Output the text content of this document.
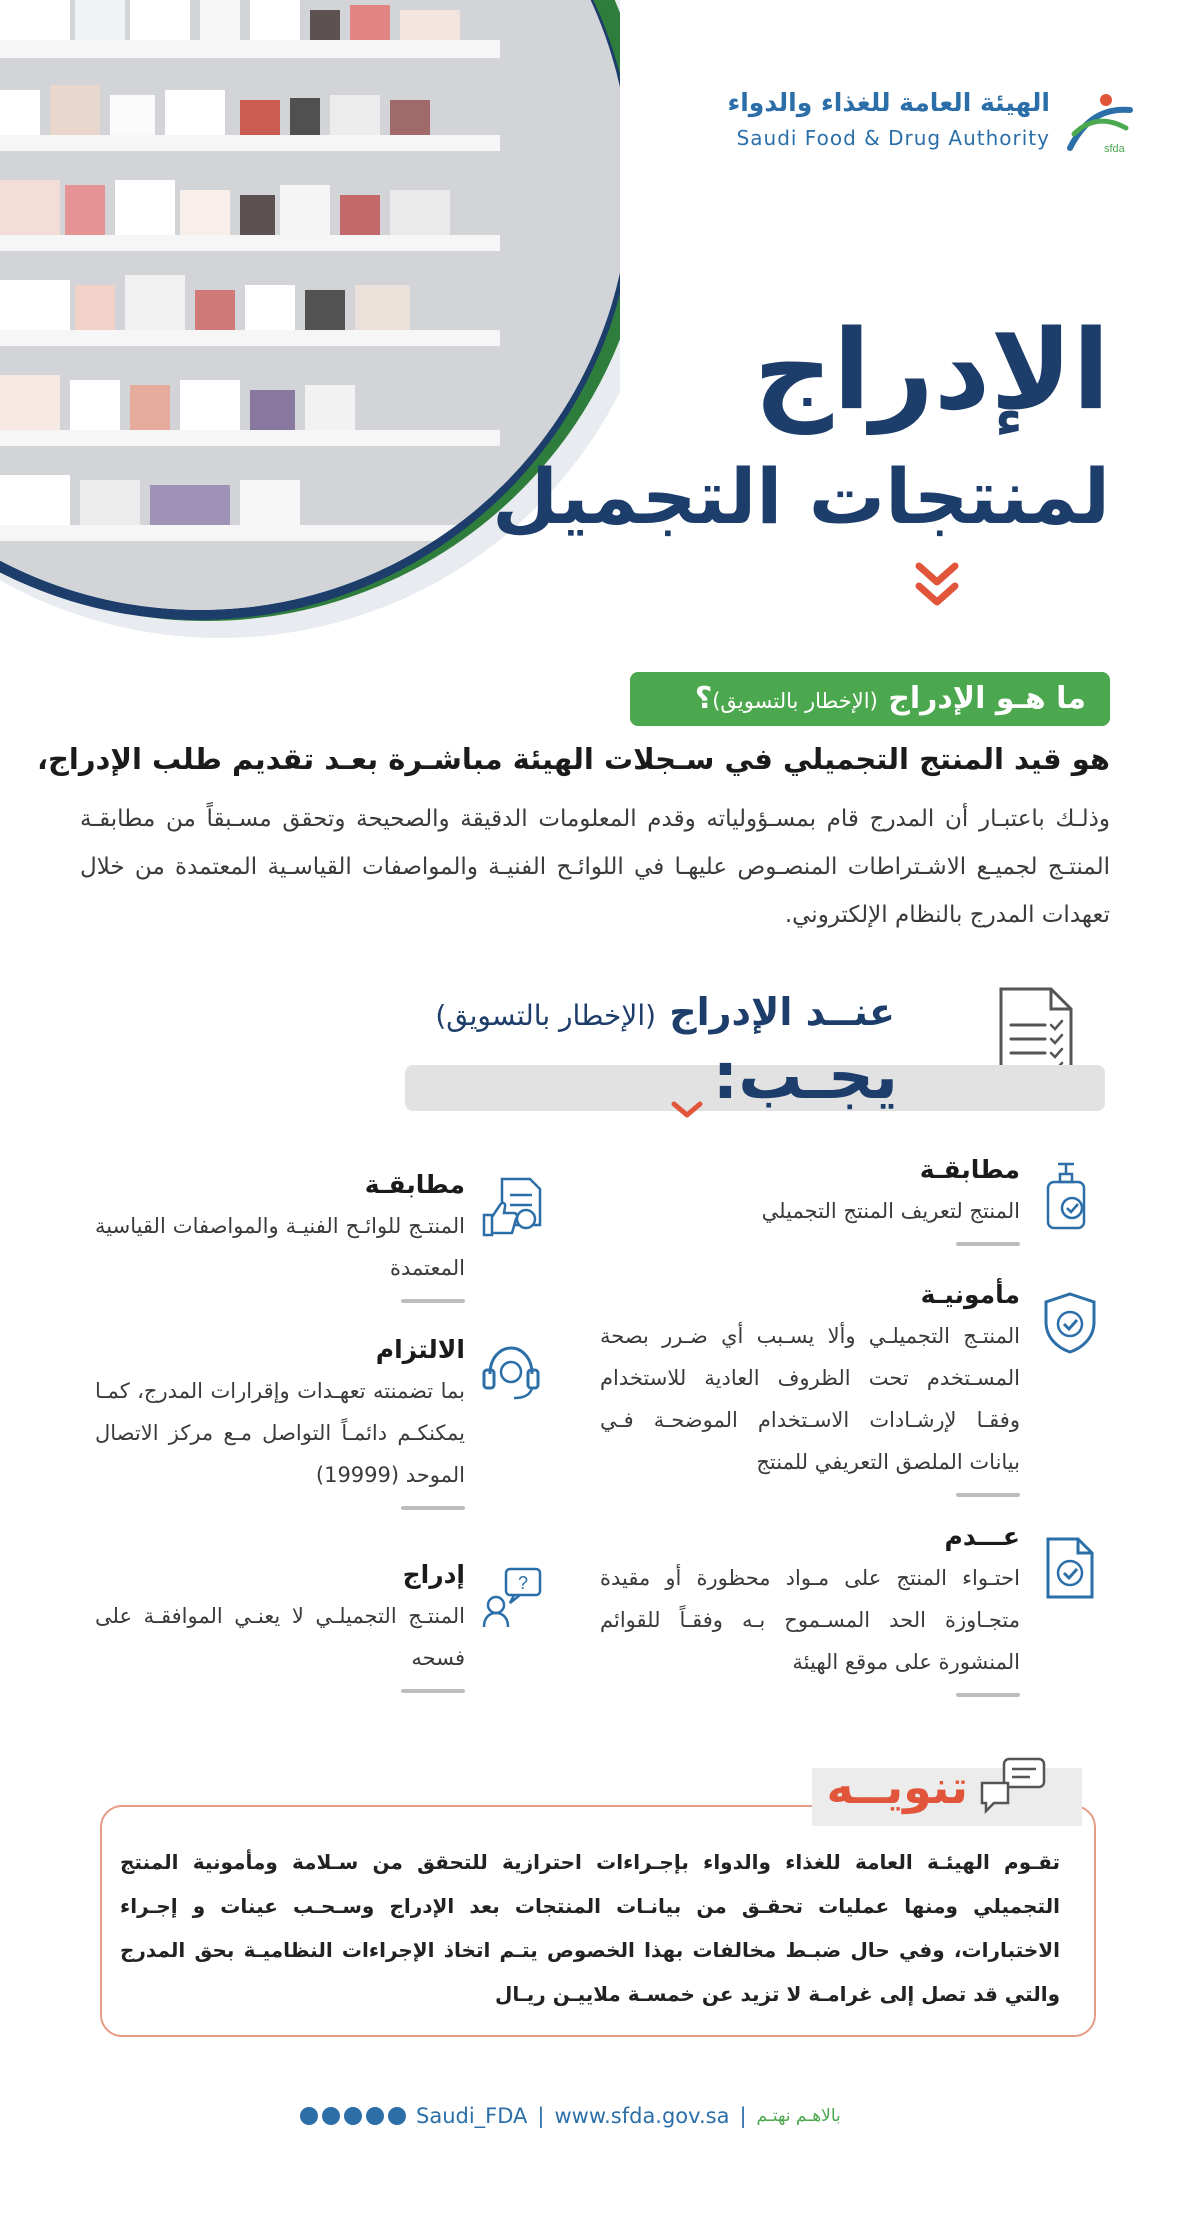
الهيئة العامة للغذاء والدواء
Saudi Food & Drug Authority	sfda
الإدراج
لمنتجات التجميل
ما هـو الإدراج (الإخطار بالتسويق)؟
هو قيد المنتج التجميلي في سـجلات الهيئة مباشـرة بعـد تقديم طلب الإدراج،
وذلـك باعتبـار أن المدرج قام بمسـؤولياته وقدم المعلومات الدقيقة والصحيحة وتحقق مسـبقاً من مطابقـة المنتـج لجميـع الاشـتراطات المنصـوص عليهـا في اللوائـح الفنيـة والمواصفات القياسـية المعتمدة من خلال تعهدات المدرج بالنظام الإلكتروني.
عنــد الإدراج (الإخطار بالتسويق)
يجـب:
مطابقـة
المنتج لتعريف المنتج التجميلي
مأمونيـة
المنتـج التجميلـي وألا يسـبب أي ضـرر بصحة المسـتخدم تحت الظروف العادية للاستخدام وفقـا لإرشـادات الاسـتخدام الموضحـة فـي بيانات الملصق التعريفي للمنتج
عـــدم
احتـواء المنتج على مـواد محظورة أو مقيدة متجـاوزة الحد المسـموح بـه وفقـاً للقوائم المنشورة على موقع الهيئة
مطابقـة
المنتـج للوائـح الفنيـة والمواصفات القياسية المعتمدة
الالتزام
بما تضمنته تعهـدات وإقرارات المدرج، كمـا يمكنكـم دائمـاً التواصل مـع مركز الاتصال الموحد (19999)
?
إدراج
المنتـج التجميلـي لا يعنـي الموافقـة على فسحه
تنويــه
تقـوم الهيئـة العامة للغذاء والدواء بإجـراءات احترازية للتحقق من سـلامة ومأمونية المنتج التجميلي ومنها عمليات تحقـق من بيانـات المنتجات بعد الإدراج وسـحـب عينات و إجـراء الاختبارات، وفي حال ضبـط مخالفات بهذا الخصوص يتـم اتخاذ الإجراءات النظاميـة بحق المدرج والتي قد تصل إلى غرامـة لا تزيد عن خمسـة ملاييـن ريـال
Saudi_FDA | www.sfda.gov.sa | بالاهـم نهتـم
